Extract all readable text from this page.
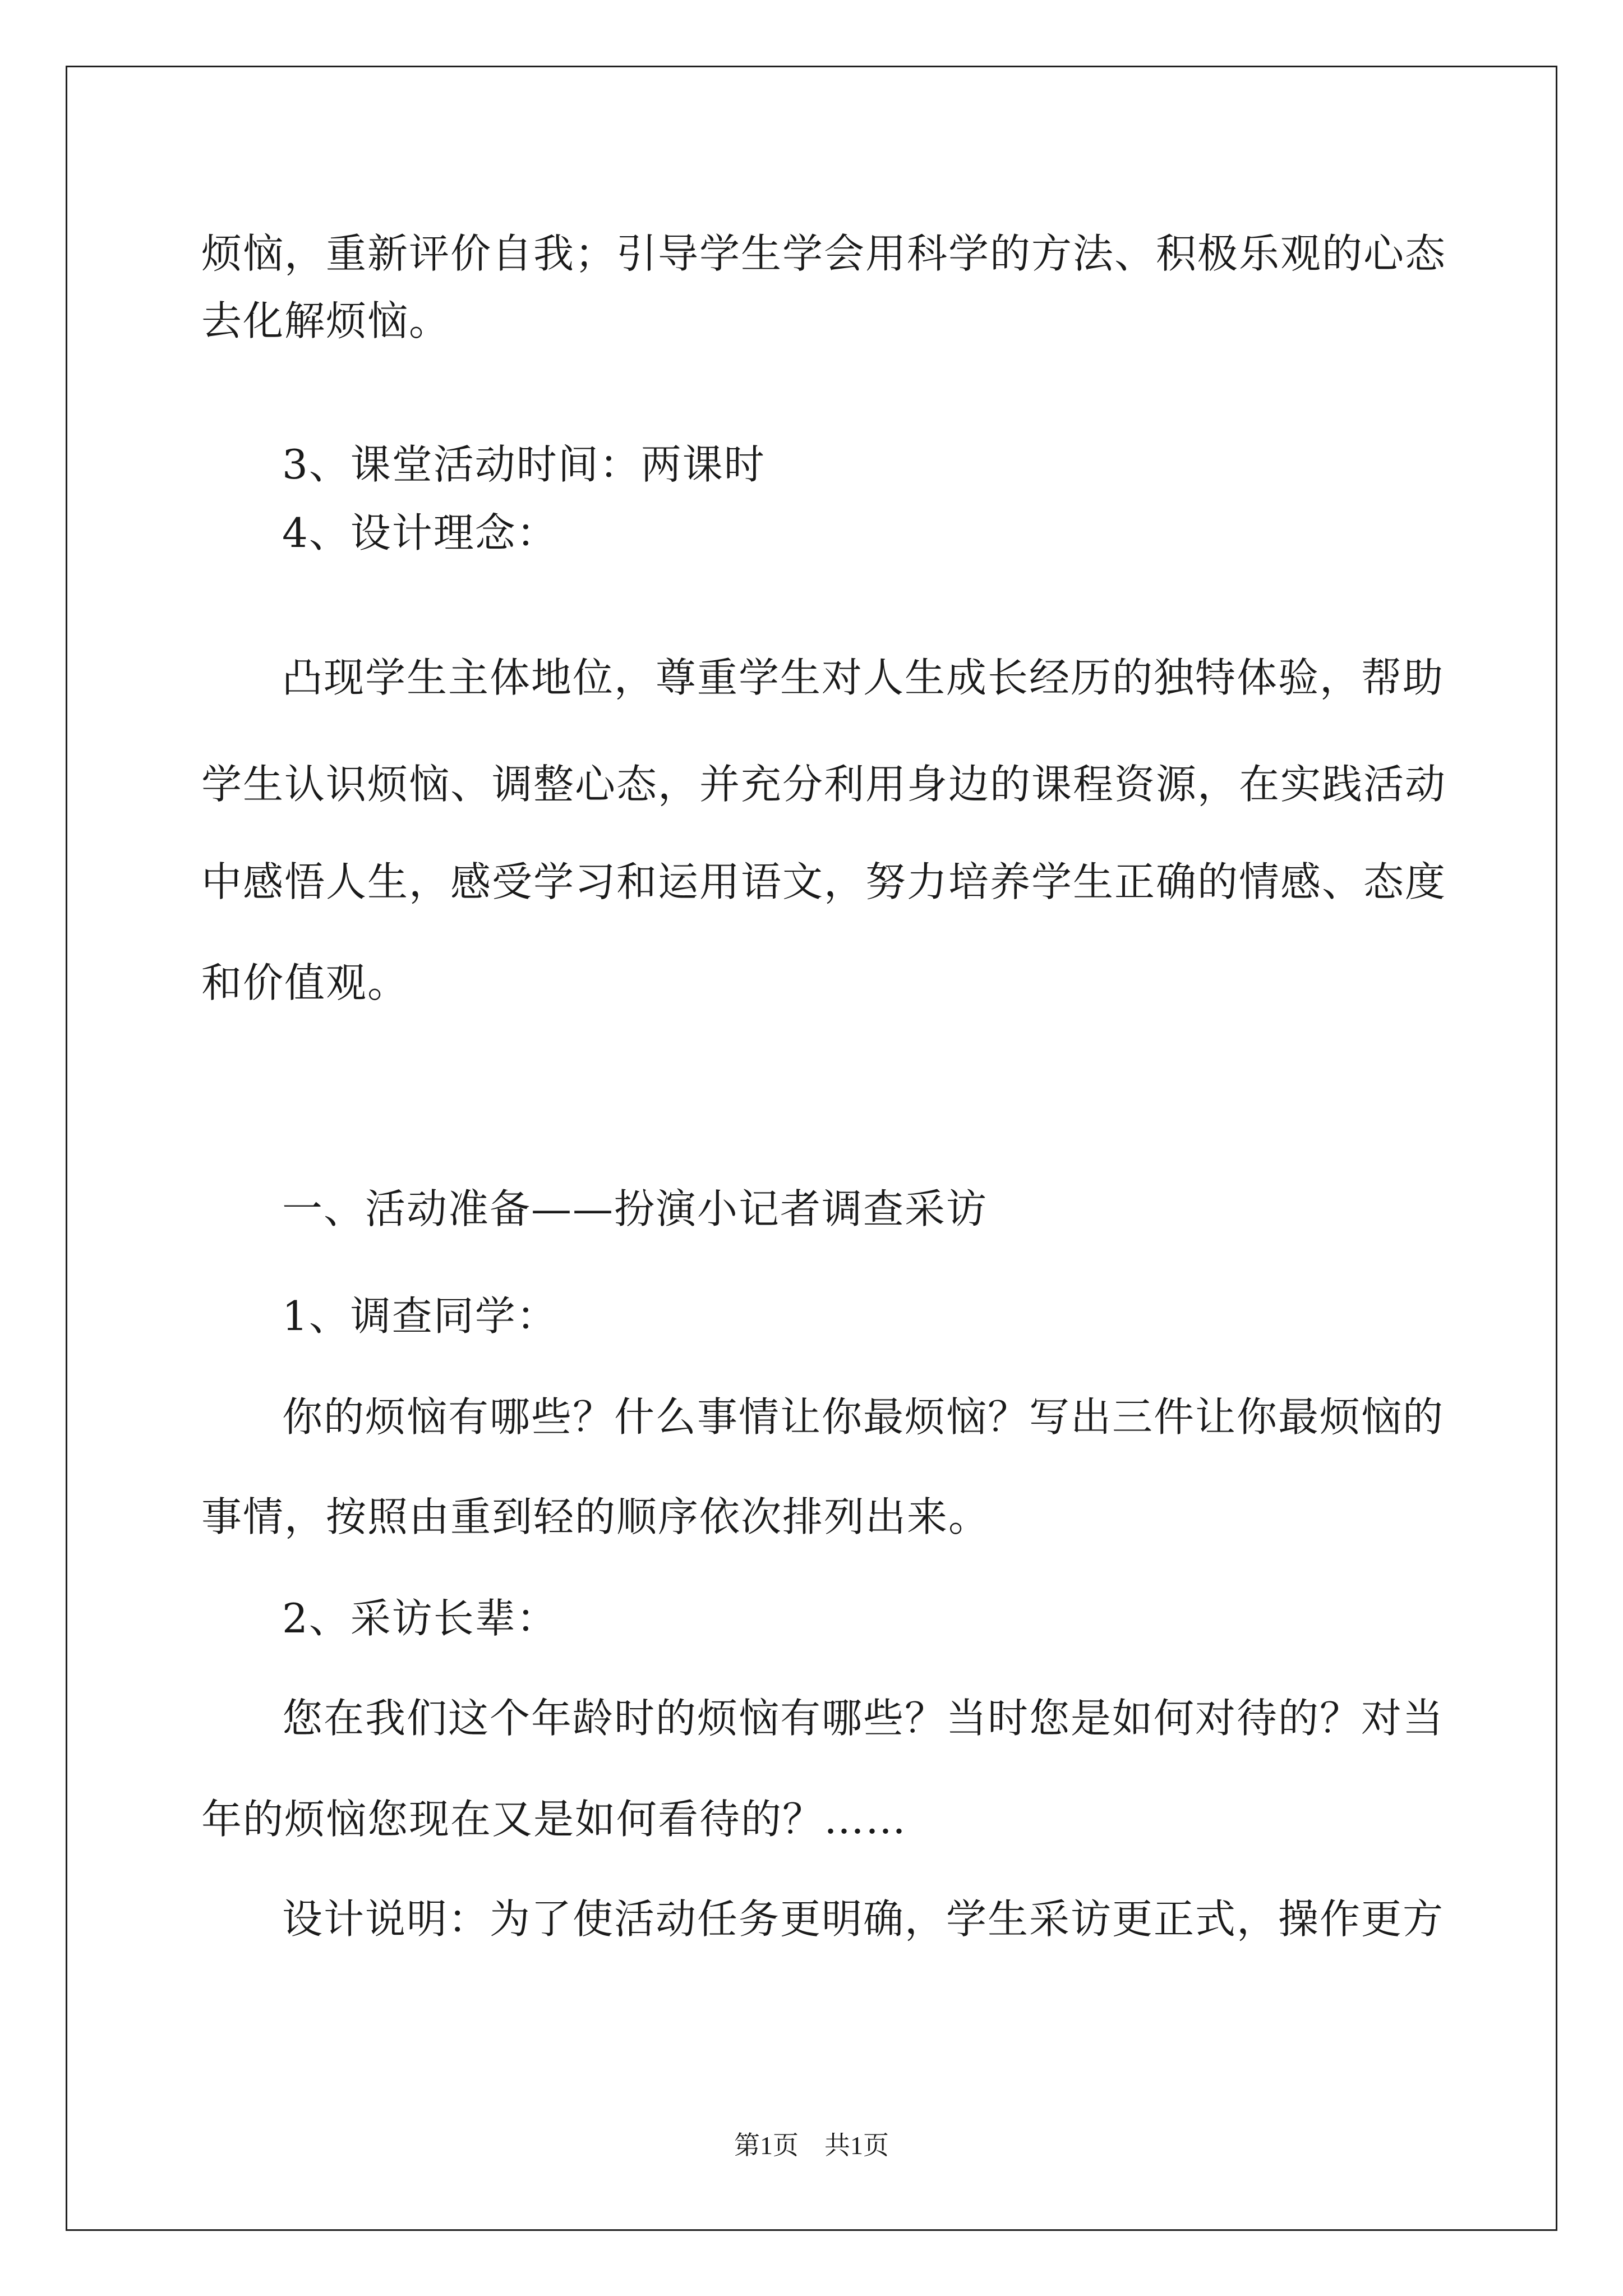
烦恼，重新评价自我；引导学生学会用科学的方法、积极乐观的心态
去化解烦恼。
3、课堂活动时间：两课时
4、设计理念：
凸现学生主体地位，尊重学生对人生成长经历的独特体验，帮助
学生认识烦恼、调整心态，并充分利用身边的课程资源，在实践活动
中感悟人生，感受学习和运用语文，努力培养学生正确的情感、态度
和价值观。
一、活动准备——扮演小记者调查采访
1、调查同学：
你的烦恼有哪些？什么事情让你最烦恼？写出三件让你最烦恼的
事情，按照由重到轻的顺序依次排列出来。
2、采访长辈：
您在我们这个年龄时的烦恼有哪些？当时您是如何对待的？对当
年的烦恼您现在又是如何看待的？……
设计说明：为了使活动任务更明确，学生采访更正式，操作更方
第1页　共1页
